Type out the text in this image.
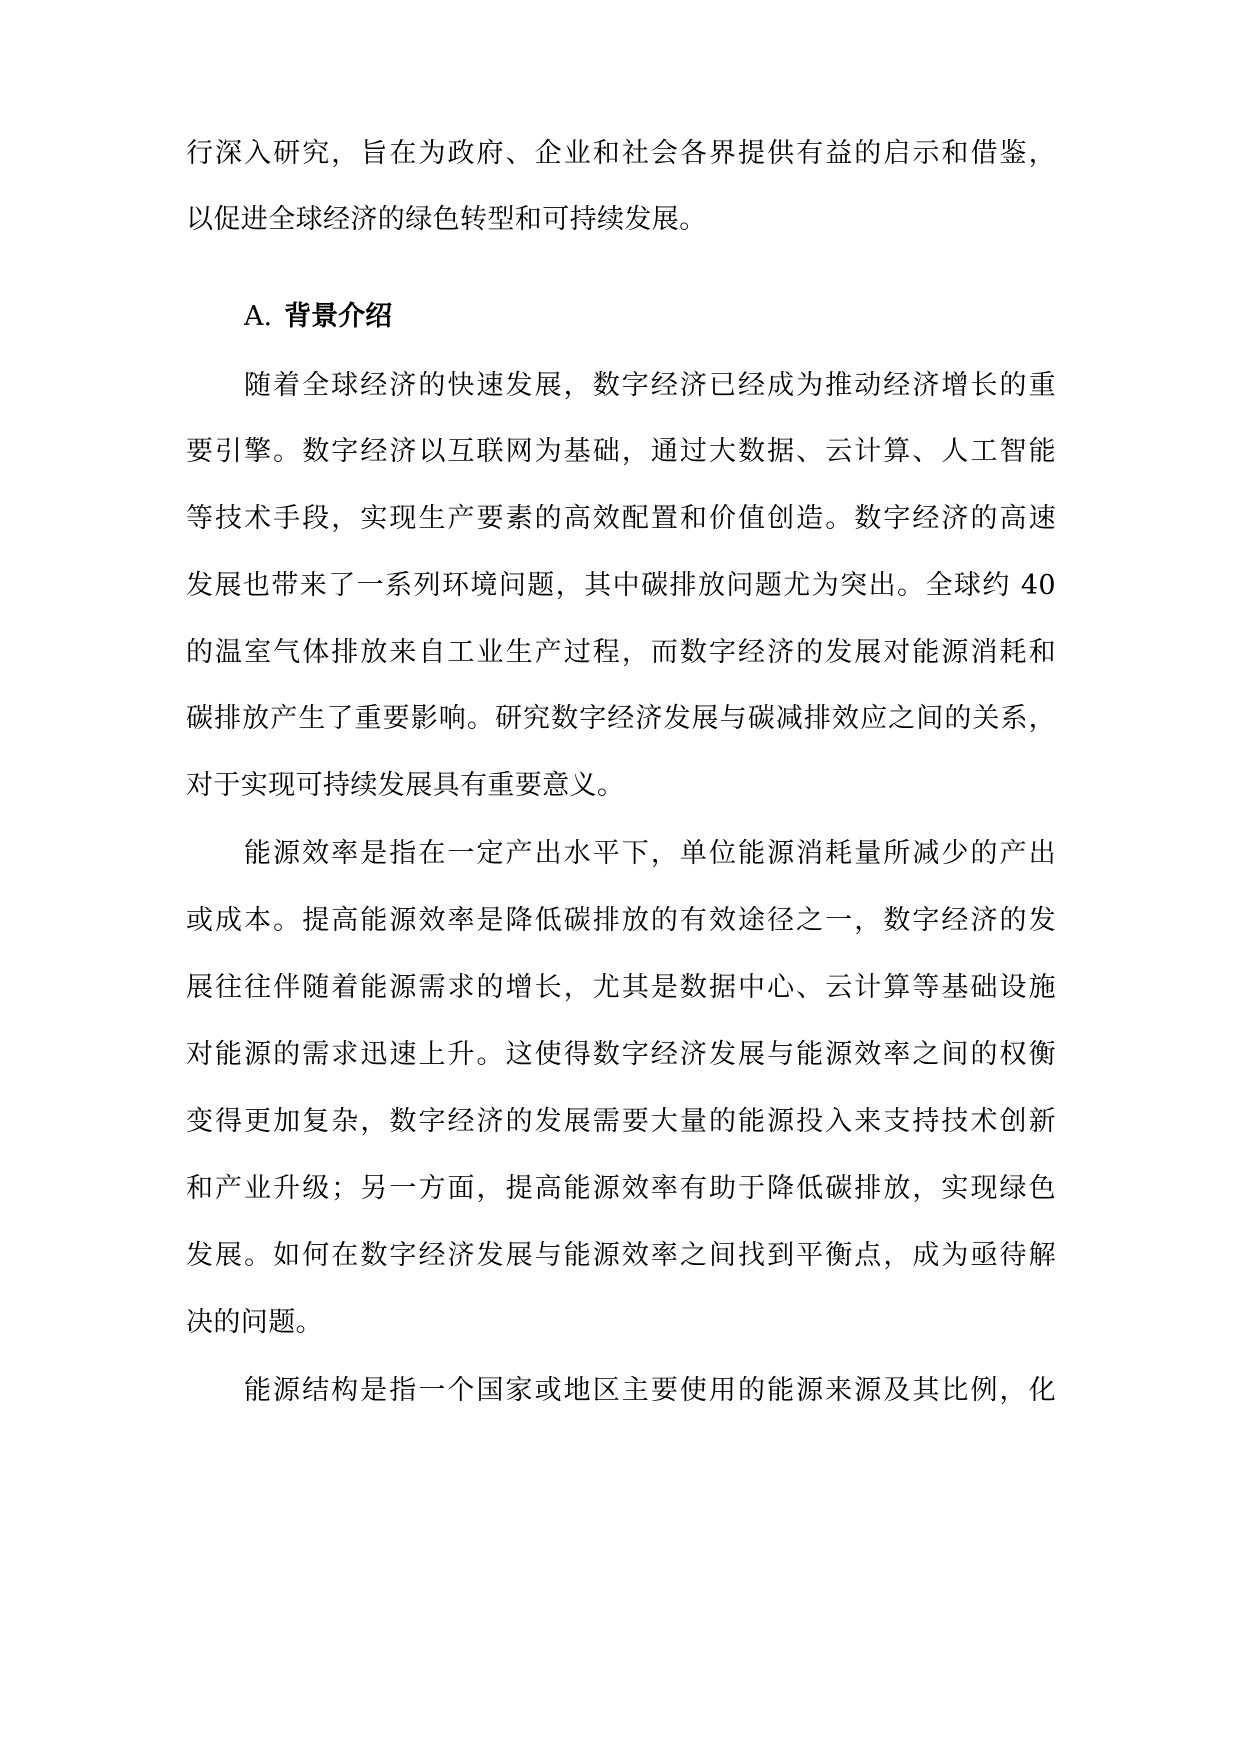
行深入研究，旨在为政府、企业和社会各界提供有益的启示和借鉴，
以促进全球经济的绿色转型和可持续发展。
A. 背景介绍
随着全球经济的快速发展，数字经济已经成为推动经济增长的重
要引擎。数字经济以互联网为基础，通过大数据、云计算、人工智能
等技术手段，实现生产要素的高效配置和价值创造。数字经济的高速
发展也带来了一系列环境问题，其中碳排放问题尤为突出。全球约 40
的温室气体排放来自工业生产过程，而数字经济的发展对能源消耗和
碳排放产生了重要影响。研究数字经济发展与碳减排效应之间的关系，
对于实现可持续发展具有重要意义。
能源效率是指在一定产出水平下，单位能源消耗量所减少的产出
或成本。提高能源效率是降低碳排放的有效途径之一，数字经济的发
展往往伴随着能源需求的增长，尤其是数据中心、云计算等基础设施
对能源的需求迅速上升。这使得数字经济发展与能源效率之间的权衡
变得更加复杂，数字经济的发展需要大量的能源投入来支持技术创新
和产业升级；另一方面，提高能源效率有助于降低碳排放，实现绿色
发展。如何在数字经济发展与能源效率之间找到平衡点，成为亟待解
决的问题。
能源结构是指一个国家或地区主要使用的能源来源及其比例，化
